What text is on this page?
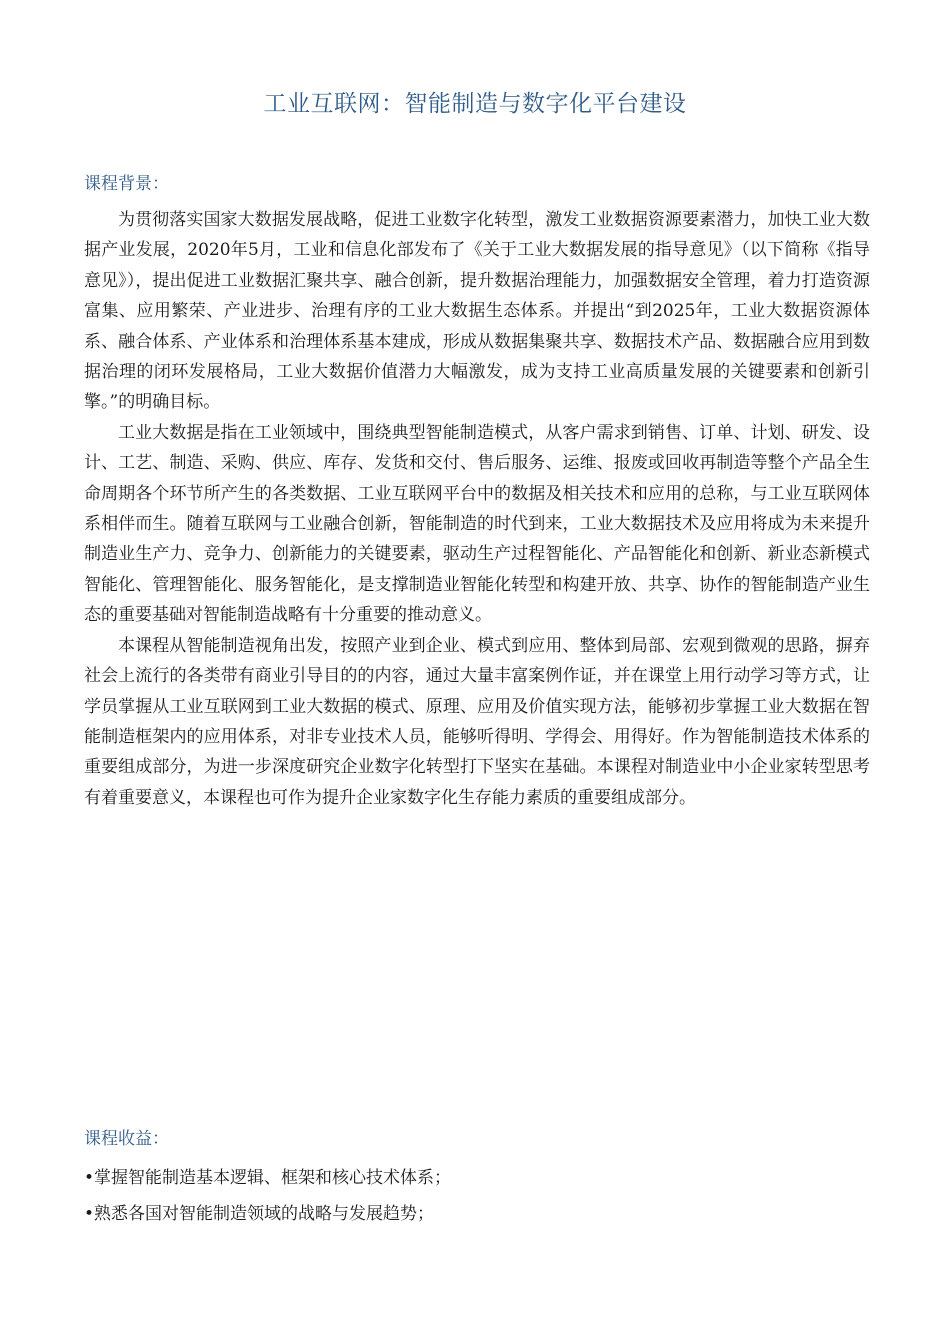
工业互联网：智能制造与数字化平台建设
课程背景：

为贯彻落实国家大数据发展战略，促进工业数字化转型，激发工业数据资源要素潜力，加快工业大数据产业发展，2020年5月，工业和信息化部发布了《关于工业大数据发展的指导意见》（以下简称《指导意见》），提出促进工业数据汇聚共享、融合创新，提升数据治理能力，加强数据安全管理，着力打造资源富集、应用繁荣、产业进步、治理有序的工业大数据生态体系。并提出“到2025年，工业大数据资源体系、融合体系、产业体系和治理体系基本建成，形成从数据集聚共享、数据技术产品、数据融合应用到数据治理的闭环发展格局，工业大数据价值潜力大幅激发，成为支持工业高质量发展的关键要素和创新引擎。”的明确目标。

工业大数据是指在工业领域中，围绕典型智能制造模式，从客户需求到销售、订单、计划、研发、设计、工艺、制造、采购、供应、库存、发货和交付、售后服务、运维、报废或回收再制造等整个产品全生命周期各个环节所产生的各类数据、工业互联网平台中的数据及相关技术和应用的总称，与工业互联网体系相伴而生。随着互联网与工业融合创新，智能制造的时代到来，工业大数据技术及应用将成为未来提升制造业生产力、竞争力、创新能力的关键要素，驱动生产过程智能化、产品智能化和创新、新业态新模式智能化、管理智能化、服务智能化，是支撑制造业智能化转型和构建开放、共享、协作的智能制造产业生态的重要基础对智能制造战略有十分重要的推动意义。

本课程从智能制造视角出发，按照产业到企业、模式到应用、整体到局部、宏观到微观的思路，摒弃社会上流行的各类带有商业引导目的的内容，通过大量丰富案例作证，并在课堂上用行动学习等方式，让学员掌握从工业互联网到工业大数据的模式、原理、应用及价值实现方法，能够初步掌握工业大数据在智能制造框架内的应用体系，对非专业技术人员，能够听得明、学得会、用得好。作为智能制造技术体系的重要组成部分，为进一步深度研究企业数字化转型打下坚实在基础。本课程对制造业中小企业家转型思考有着重要意义，本课程也可作为提升企业家数字化生存能力素质的重要组成部分。

课程收益：
•掌握智能制造基本逻辑、框架和核心技术体系；
•熟悉各国对智能制造领域的战略与发展趋势；
